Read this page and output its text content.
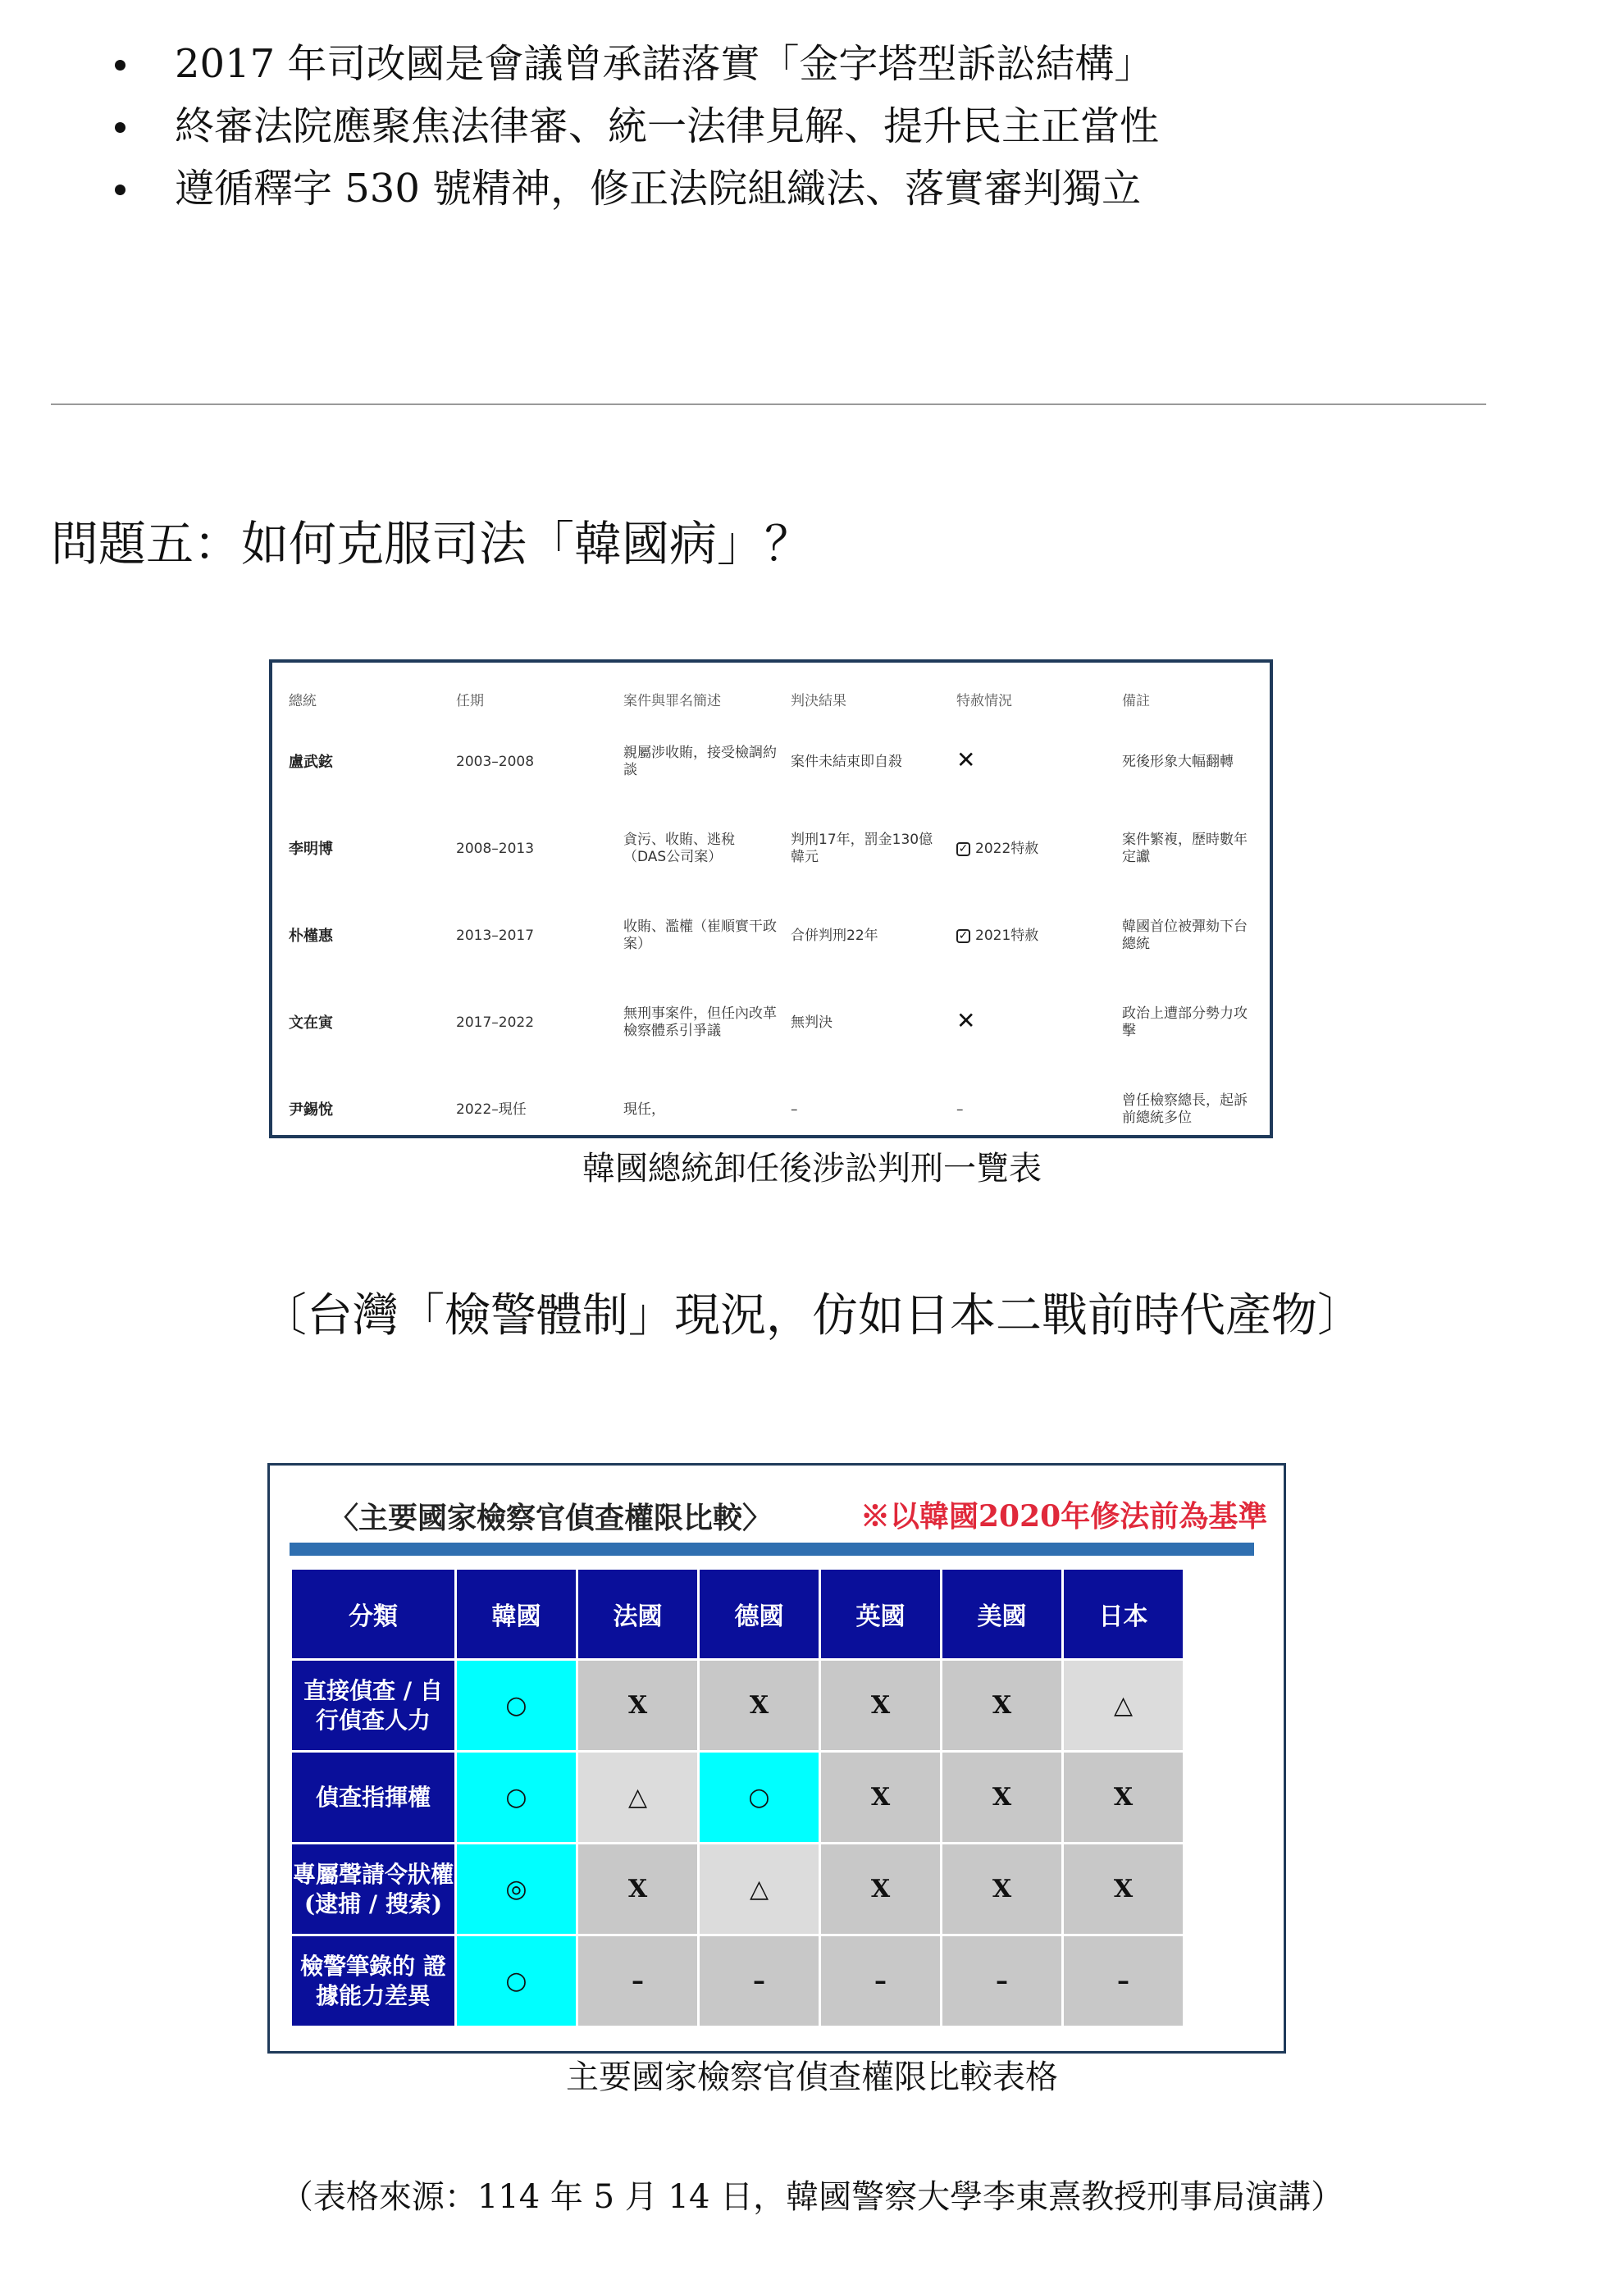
2017 年司改國是會議曾承諾落實「金字塔型訴訟結構」
終審法院應聚焦法律審、統一法律見解、提升民主正當性
遵循釋字 530 號精神，修正法院組織法、落實審判獨立
問題五：如何克服司法「韓國病」？
總統	任期	案件與罪名簡述	判決結果	特赦情況	備註
盧武鉉	2003–2008	親屬涉收賄，接受檢調約談	案件未結束即自殺	✕	死後形象大幅翻轉
李明博	2008–2013	貪污、收賄、逃稅（DAS公司案）	判刑17年，罰金130億韓元	✓ 2022特赦	案件繁複，歷時數年定讞
朴槿惠	2013–2017	收賄、濫權（崔順實干政案）	合併判刑22年	✓ 2021特赦	韓國首位被彈劾下台總統
文在寅	2017–2022	無刑事案件，但任內改革檢察體系引爭議	無判決	✕	政治上遭部分勢力攻擊
尹錫悅	2022–現任	現任，	–	–	曾任檢察總長，起訴前總統多位
韓國總統卸任後涉訟判刑一覽表
〔台灣「檢警體制」現況，仿如日本二戰前時代產物〕
〈主要國家檢察官偵查權限比較〉	※以韓國2020年修法前為基準
分類	韓國	法國	德國	英國	美國	日本
直接偵查 / 自行偵查人力	○	X	X	X	X	△
偵查指揮權	○	△	○	X	X	X
專屬聲請令狀權 (逮捕 / 搜索)	◎	X	△	X	X	X
檢警筆錄的 證據能力差異	○	–	–	–	–	–
主要國家檢察官偵查權限比較表格
（表格來源：114 年 5 月 14 日，韓國警察大學李東熹教授刑事局演講）
